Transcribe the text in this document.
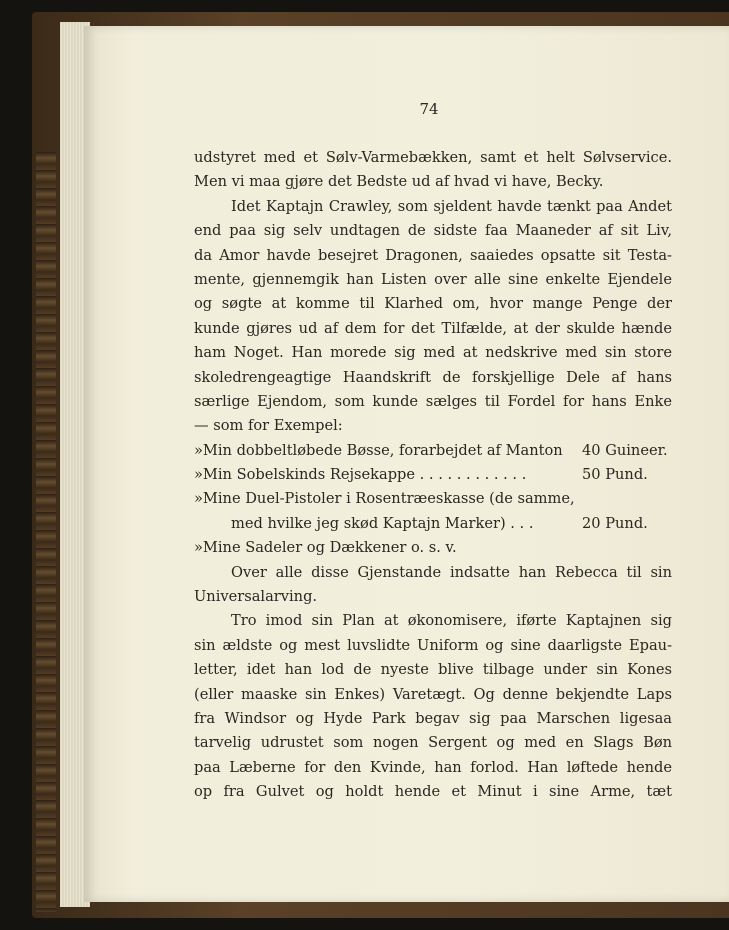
74
udstyret med et Sølv-Varmebækken, samt et helt Sølvservice.
Men vi maa gjøre det Bedste ud af hvad vi have, Becky.
Idet Kaptajn Crawley, som sjeldent havde tænkt paa Andet
end paa sig selv undtagen de sidste faa Maaneder af sit Liv,
da Amor havde besejret Dragonen, saaiedes opsatte sit Testa-
mente, gjennemgik han Listen over alle sine enkelte Ejendele
og søgte at komme til Klarhed om, hvor mange Penge der
kunde gjøres ud af dem for det Tilfælde, at der skulde hænde
ham Noget. Han morede sig med at nedskrive med sin store
skoledrengeagtige Haandskrift de forskjellige Dele af hans
særlige Ejendom, som kunde sælges til Fordel for hans Enke
— som for Exempel:
»Min dobbeltløbede Bøsse, forarbejdet af Manton 40 Guineer.
»Min Sobelskinds Rejsekappe . . . . . . . . . . . .	50 Pund.
»Mine Duel-Pistoler i Rosentræeskasse (de samme,
med hvilke jeg skød Kaptajn Marker) . . .	20 Pund.
»Mine Sadeler og Dækkener o. s. v.
Over alle disse Gjenstande indsatte han Rebecca til sin
Universalarving.
Tro imod sin Plan at økonomisere, iførte Kaptajnen sig
sin ældste og mest luvslidte Uniform og sine daarligste Epau-
letter, idet han lod de nyeste blive tilbage under sin Kones
(eller maaske sin Enkes) Varetægt. Og denne bekjendte Laps
fra Windsor og Hyde Park begav sig paa Marschen ligesaa
tarvelig udrustet som nogen Sergent og med en Slags Bøn
paa Læberne for den Kvinde, han forlod. Han løftede hende
op fra Gulvet og holdt hende et Minut i sine Arme, tæt
